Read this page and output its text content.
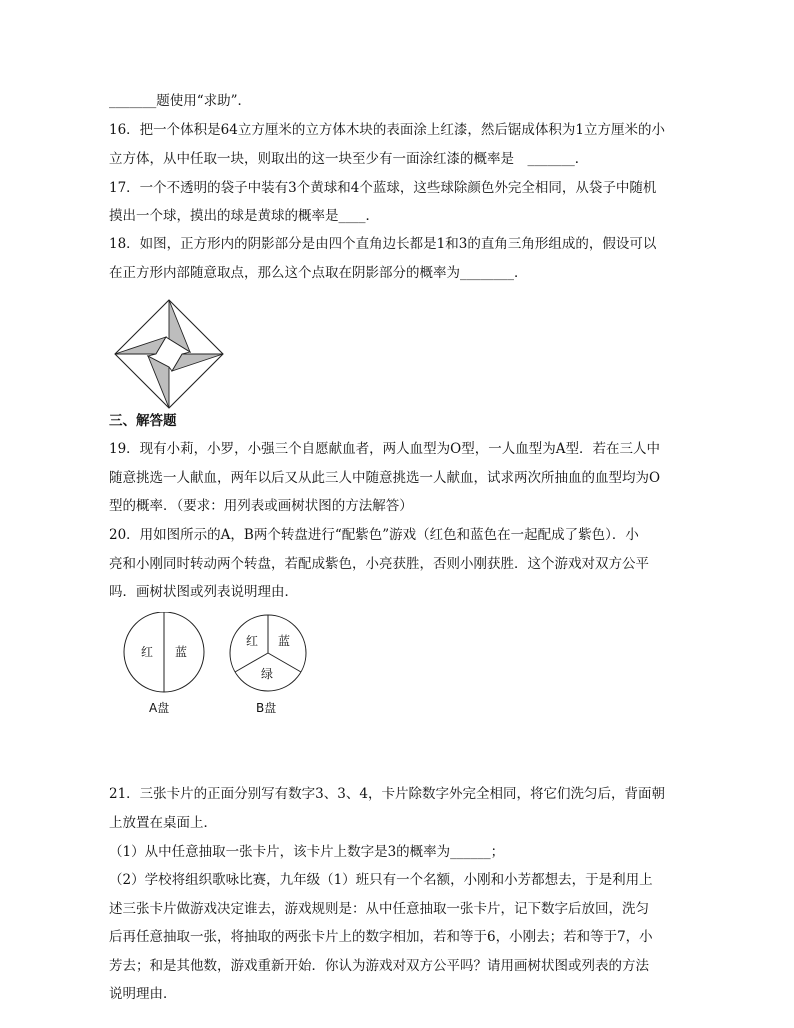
_______题使用“求助”．
16．把一个体积是64立方厘米的立方体木块的表面涂上红漆，然后锯成体积为1立方厘米的小
立方体，从中任取一块，则取出的这一块至少有一面涂红漆的概率是　_______．
17．一个不透明的袋子中装有3个黄球和4个蓝球，这些球除颜色外完全相同，从袋子中随机
摸出一个球，摸出的球是黄球的概率是____．
18．如图，正方形内的阴影部分是由四个直角边长都是1和3的直角三角形组成的，假设可以
在正方形内部随意取点，那么这个点取在阴影部分的概率为________．
三、解答题
19．现有小莉，小罗，小强三个自愿献血者，两人血型为O型，一人血型为A型．若在三人中
随意挑选一人献血，两年以后又从此三人中随意挑选一人献血，试求两次所抽血的血型均为O
型的概率．（要求：用列表或画树状图的方法解答）
20．用如图所示的A，B两个转盘进行“配紫色”游戏（红色和蓝色在一起配成了紫色）．小
亮和小刚同时转动两个转盘，若配成紫色，小亮获胜，否则小刚获胜．这个游戏对双方公平
吗．画树状图或列表说明理由．
红 蓝
A盘
红 蓝
绿
B盘
21．三张卡片的正面分别写有数字3、3、4，卡片除数字外完全相同，将它们洗匀后，背面朝
上放置在桌面上．
（1）从中任意抽取一张卡片，该卡片上数字是3的概率为______；
（2）学校将组织歌咏比赛，九年级（1）班只有一个名额，小刚和小芳都想去，于是利用上
述三张卡片做游戏决定谁去，游戏规则是：从中任意抽取一张卡片，记下数字后放回，洗匀
后再任意抽取一张，将抽取的两张卡片上的数字相加，若和等于6，小刚去；若和等于7，小
芳去；和是其他数，游戏重新开始．你认为游戏对双方公平吗？请用画树状图或列表的方法
说明理由．
